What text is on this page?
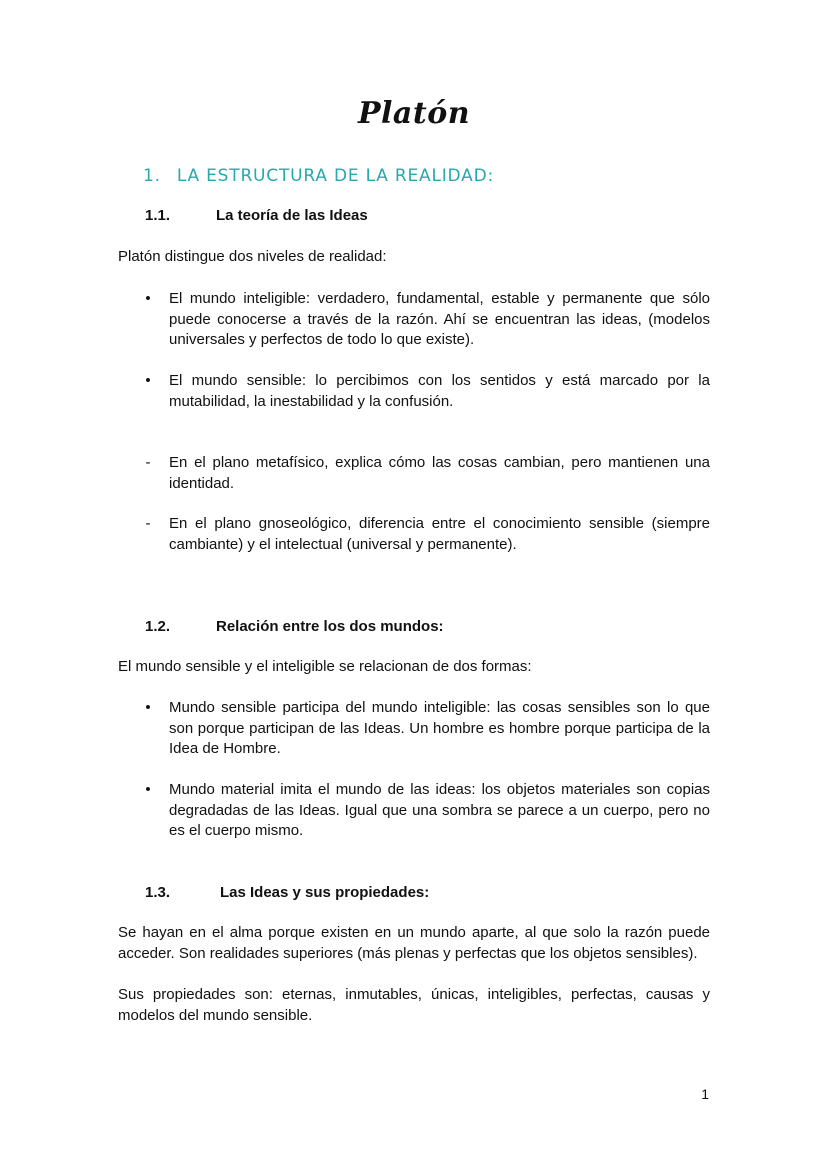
Platón
1. LA ESTRUCTURA DE LA REALIDAD:
1.1.	La teoría de las Ideas
Platón distingue dos niveles de realidad:
•	El mundo inteligible: verdadero, fundamental, estable y permanente que sólo puede conocerse a través de la razón. Ahí se encuentran las ideas, (modelos universales y perfectos de todo lo que existe).
•	El mundo sensible: lo percibimos con los sentidos y está marcado por la mutabilidad, la inestabilidad y la confusión.
-	En el plano metafísico, explica cómo las cosas cambian, pero mantienen una identidad.
-	En el plano gnoseológico, diferencia entre el conocimiento sensible (siempre cambiante) y el intelectual (universal y permanente).
1.2.	Relación entre los dos mundos:
El mundo sensible y el inteligible se relacionan de dos formas:
•	Mundo sensible participa del mundo inteligible: las cosas sensibles son lo que son porque participan de las Ideas. Un hombre es hombre porque participa de la Idea de Hombre.
•	Mundo material imita el mundo de las ideas: los objetos materiales son copias degradadas de las Ideas. Igual que una sombra se parece a un cuerpo, pero no es el cuerpo mismo.
1.3.	Las Ideas y sus propiedades:
Se hayan en el alma porque existen en un mundo aparte, al que solo la razón puede acceder. Son realidades superiores (más plenas y perfectas que los objetos sensibles).
Sus propiedades son: eternas, inmutables, únicas, inteligibles, perfectas, causas y modelos del mundo sensible.
1
